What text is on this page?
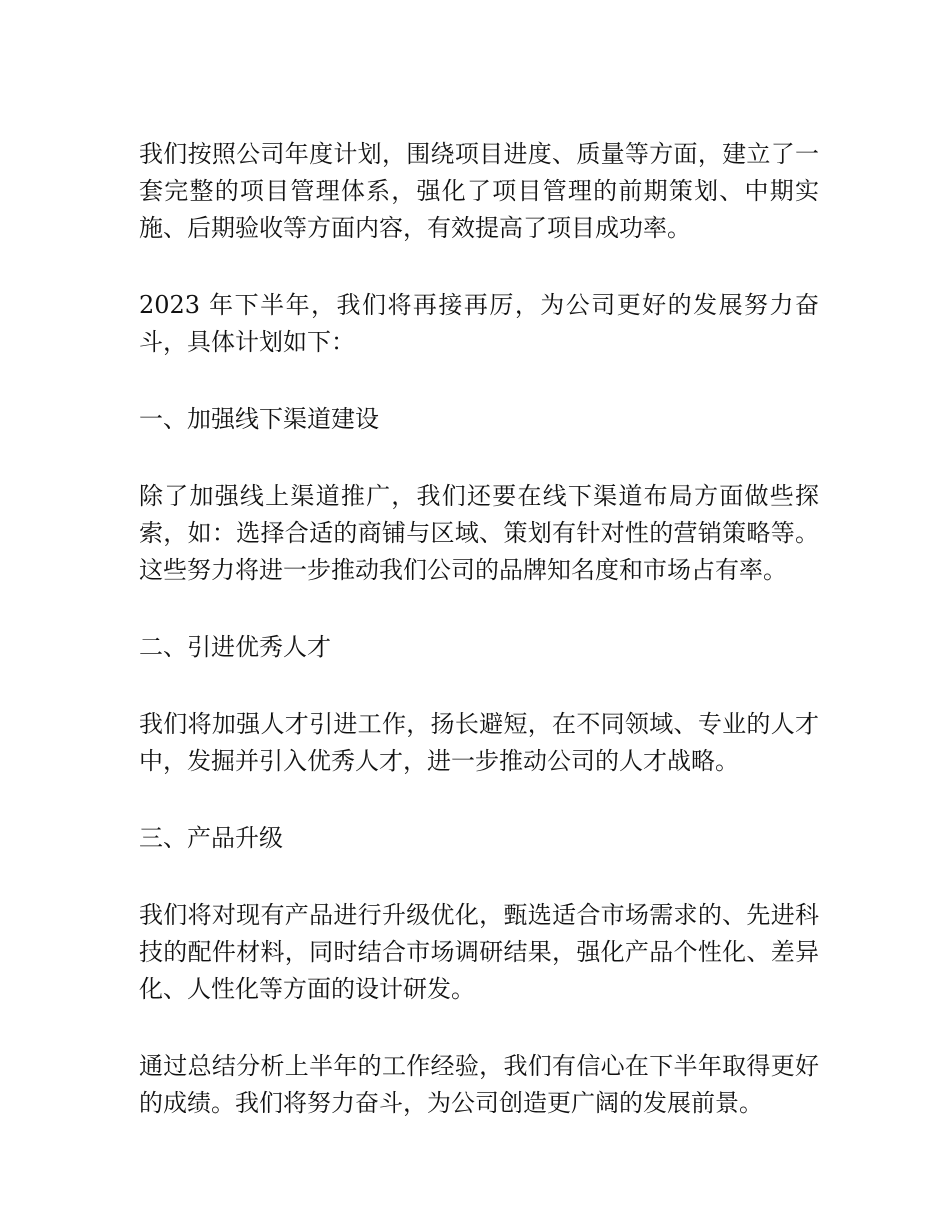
我们按照公司年度计划，围绕项目进度、质量等方面，建立了一套完整的项目管理体系，强化了项目管理的前期策划、中期实施、后期验收等方面内容，有效提高了项目成功率。

2023 年下半年，我们将再接再厉，为公司更好的发展努力奋斗，具体计划如下：

一、加强线下渠道建设

除了加强线上渠道推广，我们还要在线下渠道布局方面做些探索，如：选择合适的商铺与区域、策划有针对性的营销策略等。这些努力将进一步推动我们公司的品牌知名度和市场占有率。

二、引进优秀人才

我们将加强人才引进工作，扬长避短，在不同领域、专业的人才中，发掘并引入优秀人才，进一步推动公司的人才战略。

三、产品升级

我们将对现有产品进行升级优化，甄选适合市场需求的、先进科技的配件材料，同时结合市场调研结果，强化产品个性化、差异化、人性化等方面的设计研发。

通过总结分析上半年的工作经验，我们有信心在下半年取得更好的成绩。我们将努力奋斗，为公司创造更广阔的发展前景。
